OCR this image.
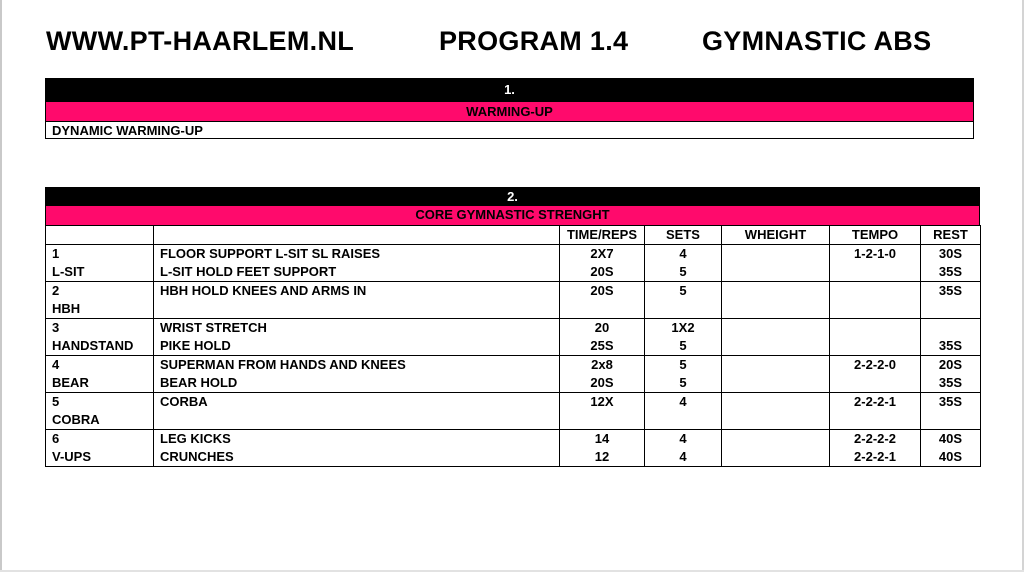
WWW.PT-HAARLEM.NL	PROGRAM 1.4	GYMNASTIC ABS
1.
WARMING-UP
DYNAMIC WARMING-UP
2.
CORE GYMNASTIC STRENGHT
		TIME/REPS	SETS	WHEIGHT	TEMPO	REST
1	FLOOR SUPPORT L-SIT SL RAISES	2X7	4		1-2-1-0	30S
L-SIT	L-SIT HOLD FEET SUPPORT	20S	5			35S
2	HBH HOLD KNEES AND ARMS IN	20S	5			35S
HBH						
3	WRIST STRETCH	20	1X2			
HANDSTAND	PIKE HOLD	25S	5			35S
4	SUPERMAN FROM HANDS AND KNEES	2x8	5		2-2-2-0	20S
BEAR	BEAR HOLD	20S	5			35S
5	CORBA	12X	4		2-2-2-1	35S
COBRA						
6	LEG KICKS	14	4		2-2-2-2	40S
V-UPS	CRUNCHES	12	4		2-2-2-1	40S
